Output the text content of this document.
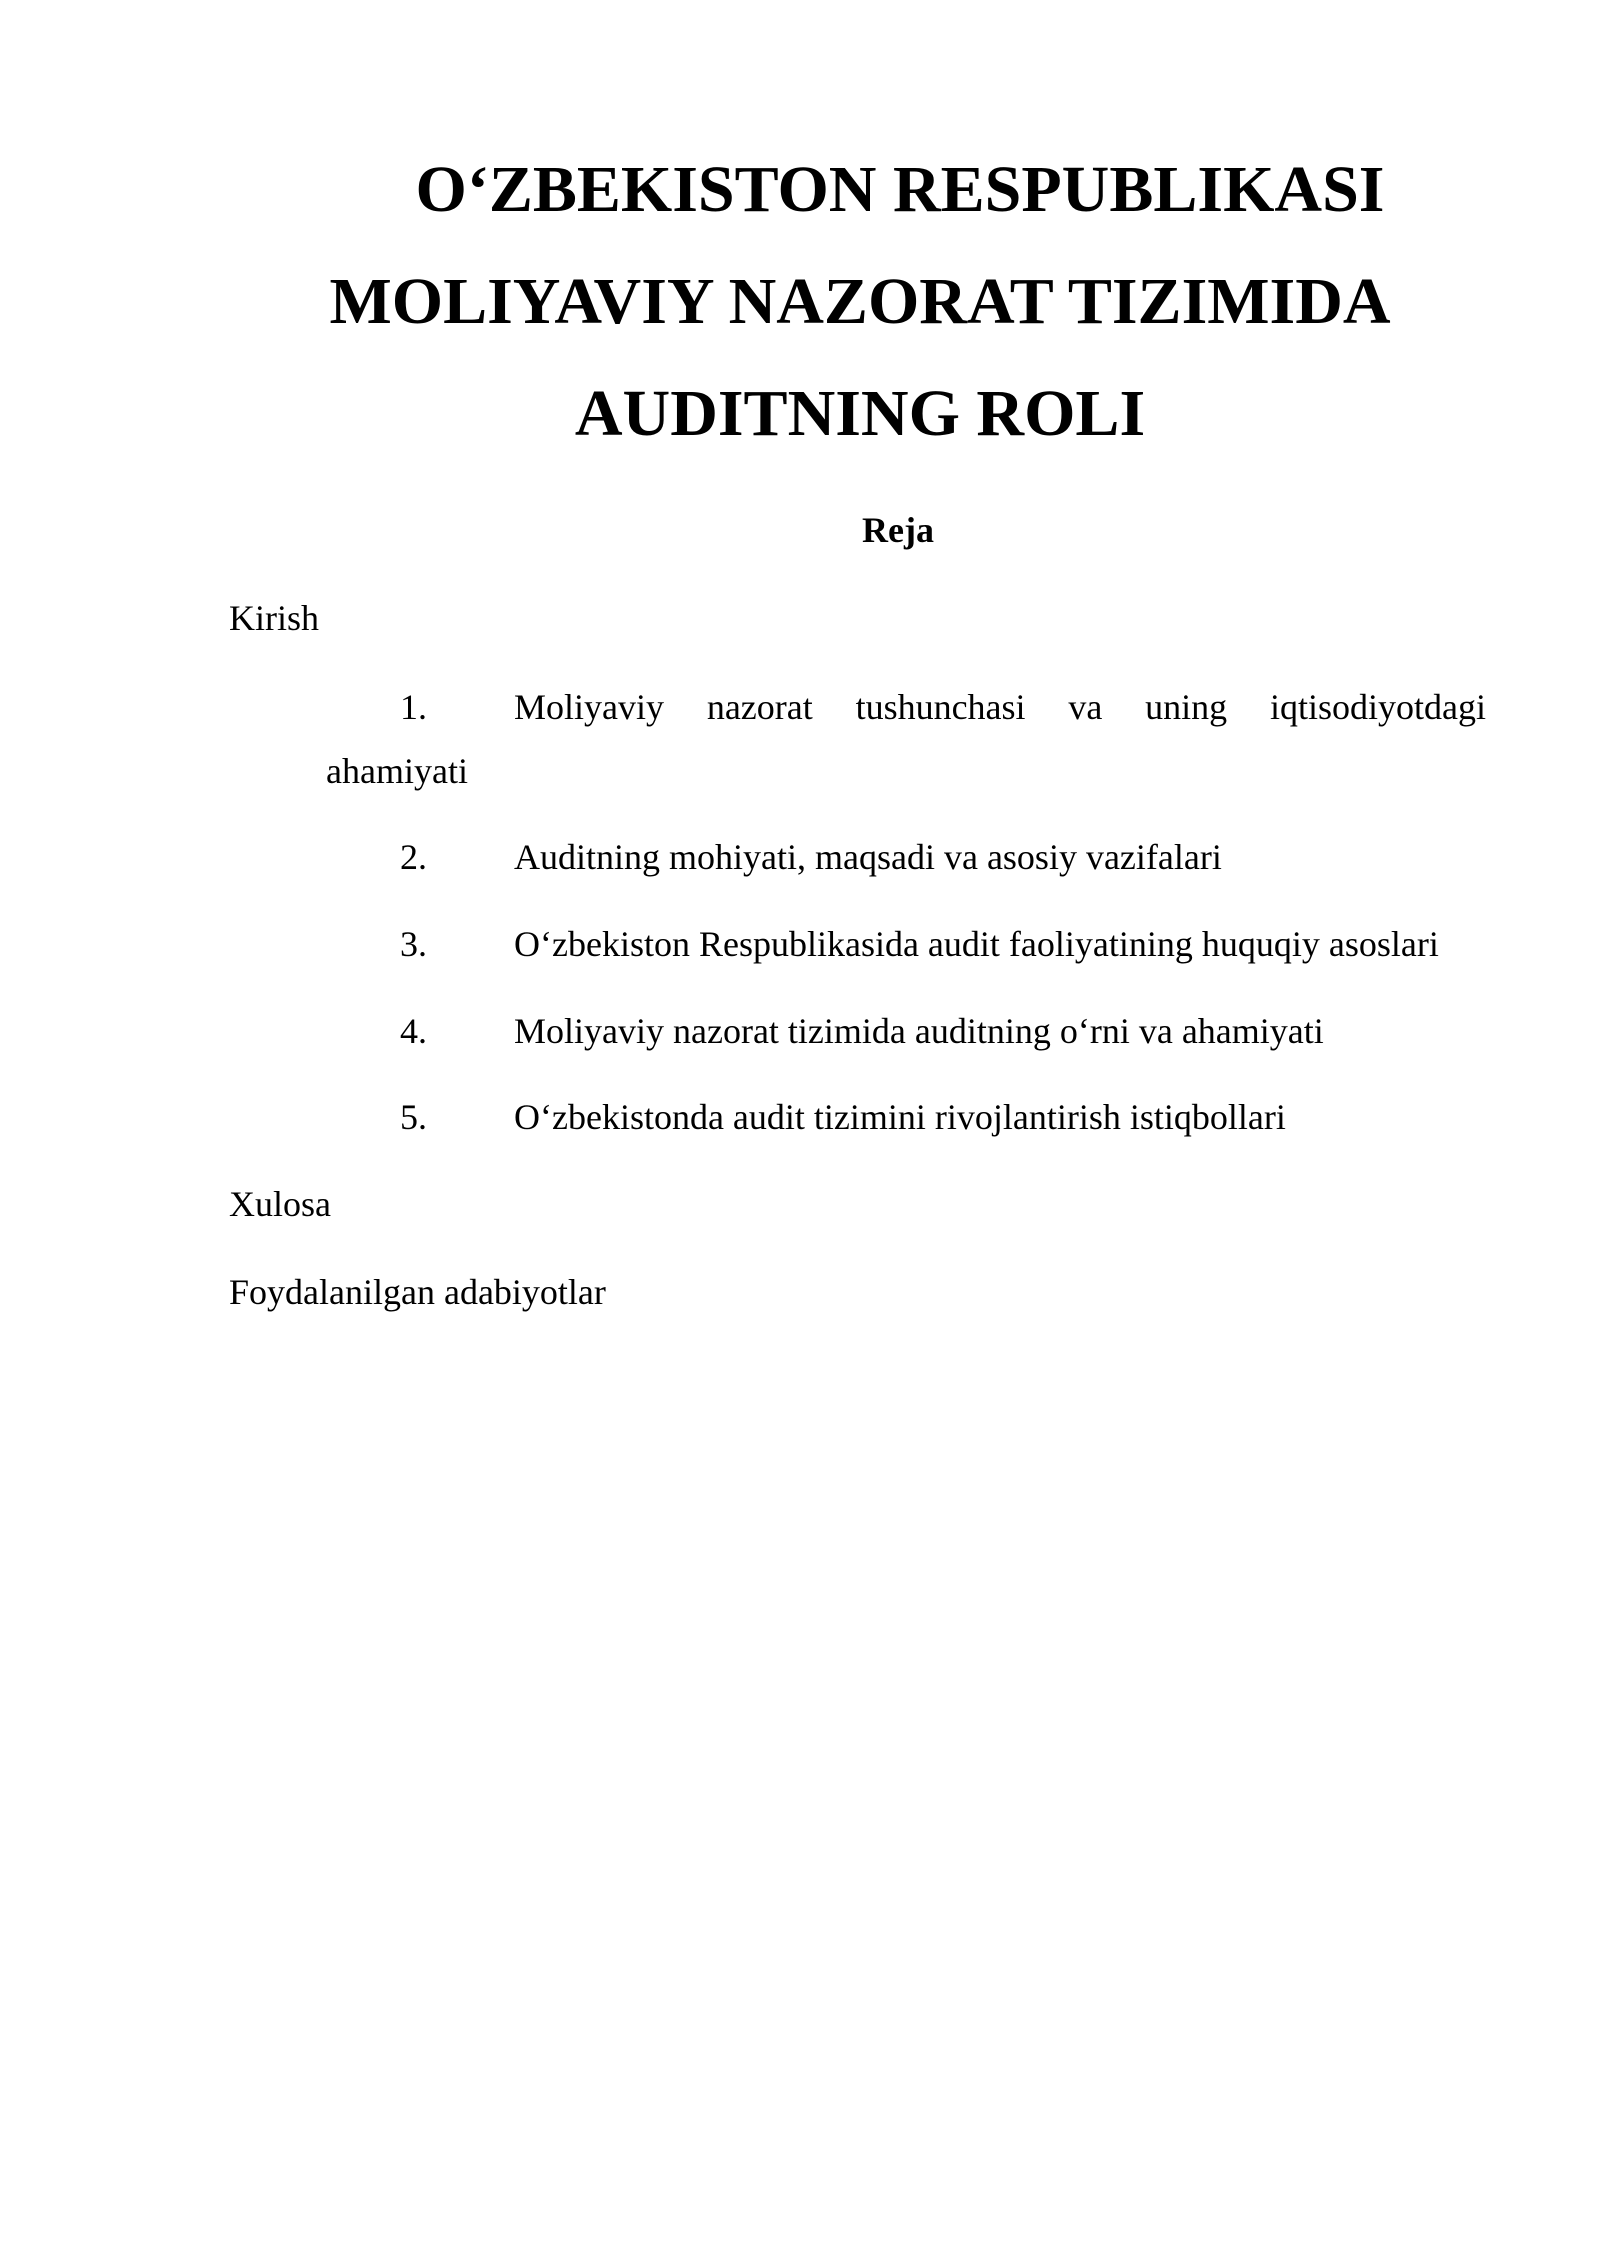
O‘ZBEKISTON RESPUBLIKASI
MOLIYAVIY NAZORAT TIZIMIDA
AUDITNING ROLI
Reja
Kirish
1. Moliyaviy nazorat tushunchasi va uning iqtisodiyotdagi
ahamiyati
2. Auditning mohiyati, maqsadi va asosiy vazifalari
3. O‘zbekiston Respublikasida audit faoliyatining huquqiy asoslari
4. Moliyaviy nazorat tizimida auditning o‘rni va ahamiyati
5. O‘zbekistonda audit tizimini rivojlantirish istiqbollari
Xulosa
Foydalanilgan adabiyotlar
